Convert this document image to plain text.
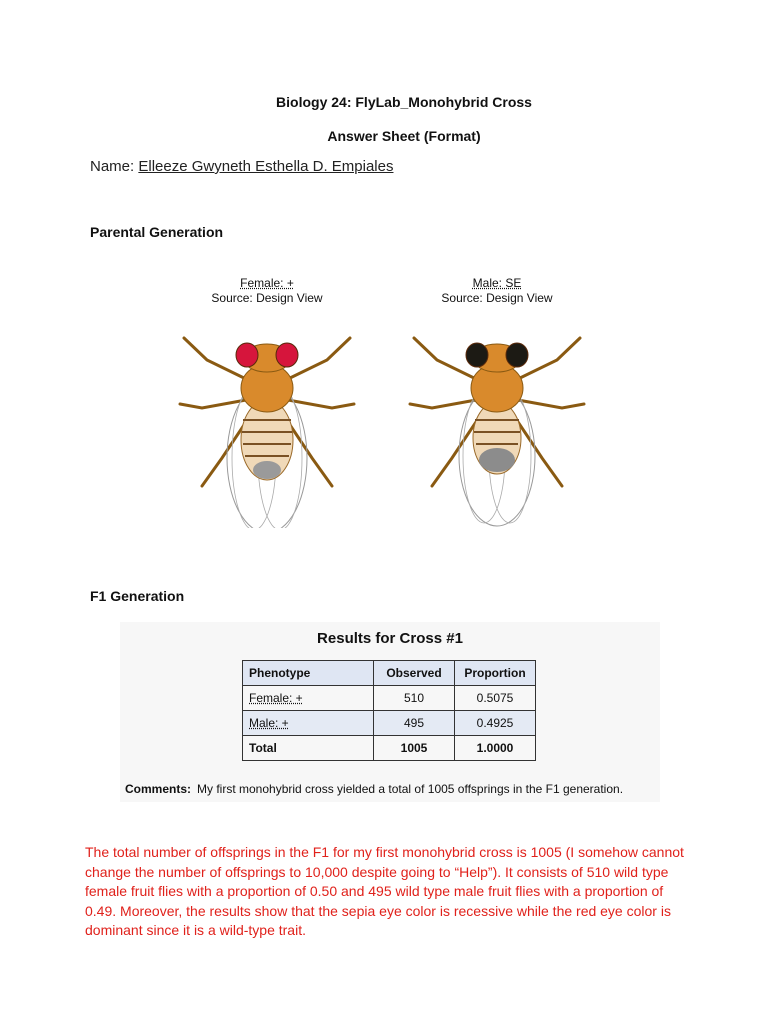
Biology 24: FlyLab_Monohybrid Cross
Answer Sheet (Format)
Name: Elleeze Gwyneth Esthella D. Empiales
Parental Generation
Female: +
Source: Design View
Male: SE
Source: Design View
F1 Generation
Results for Cross #1
Phenotype	Observed	Proportion
Female: +	510	0.5075
Male: +	495	0.4925
Total	1005	1.0000
Comments: My first monohybrid cross yielded a total of 1005 offsprings in the F1 generation.
The total number of offsprings in the F1 for my first monohybrid cross is 1005 (I somehow cannot change the number of offsprings to 10,000 despite going to “Help”). It consists of 510 wild type female fruit flies with a proportion of 0.50 and 495 wild type male fruit flies with a proportion of 0.49. Moreover, the results show that the sepia eye color is recessive while the red eye color is dominant since it is a wild-type trait.
